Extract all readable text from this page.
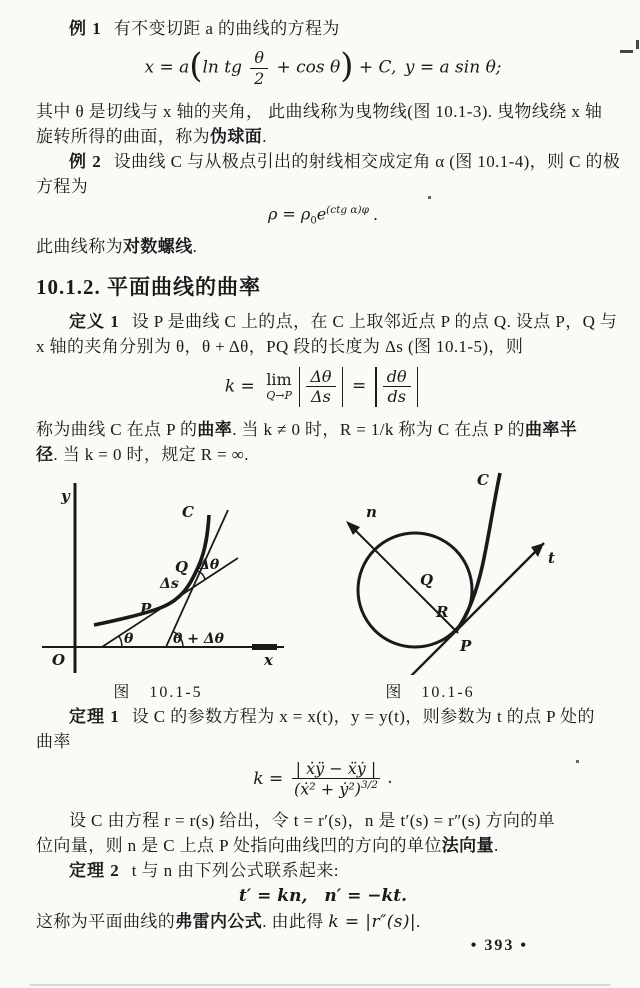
例 1 有不变切距 a 的曲线的方程为
x = a(ln tg $\frac{\theta}{2} + \cos \theta) + C$, y = a sin θ;
其中 θ 是切线与 x 轴的夹角， 此曲线称为曳物线(图 10.1-3). 曳物线绕 x 轴
旋转所得的曲面，称为伪球面.
例 2 设曲线 C 与从极点引出的射线相交成定角 α (图 10.1-4)，则 C 的极
方程为
$\rho = \rho_0e^{(ctg \alpha)\varphi}$ .
此曲线称为对数螺线.
10.1.2. 平面曲线的曲率
定义 1 设 P 是曲线 C 上的点，在 C 上取邻近点 P 的点 Q. 设点 P，Q 与
x 轴的夹角分别为 θ，θ + Δθ，PQ 段的长度为 Δs (图 10.1-5)，则
k = lim
$Q\to P \frac{\Delta\theta}{\Delta s} = \frac{d\theta}{ds}$
称为曲线 C 在点 P 的曲率. 当 k ≠ 0 时，R = 1/k 称为 C 在点 P 的曲率半
径. 当 k = 0 时，规定 R = ∞.
y
x
O
C
Q Δθ
Δs
P
θ	θ + Δθ
图　10.1-5
C
n
t
Q
R
P
图　10.1-6
定理 1 设 C 的参数方程为 x = x(t)，y = y(t)，则参数为 t 的点 P 处的
曲率
$k = \frac{\text{| ẋÿ − ẍẏ |}}{(ẋ^2 + ẏ^2)^{3/2}}$ .
设 C 由方程 r = r(s) 给出，令 t = r′(s)，n 是 t′(s) = r″(s) 方向的单
位向量，则 n 是 C 上点 P 处指向曲线凹的方向的单位法向量.
定理 2 t 与 n 由下列公式联系起来:
t′ = kn, n′ = −kt.
这称为平面曲线的弗雷内公式. 由此得 k = |r″(s)|.
• 393 •
